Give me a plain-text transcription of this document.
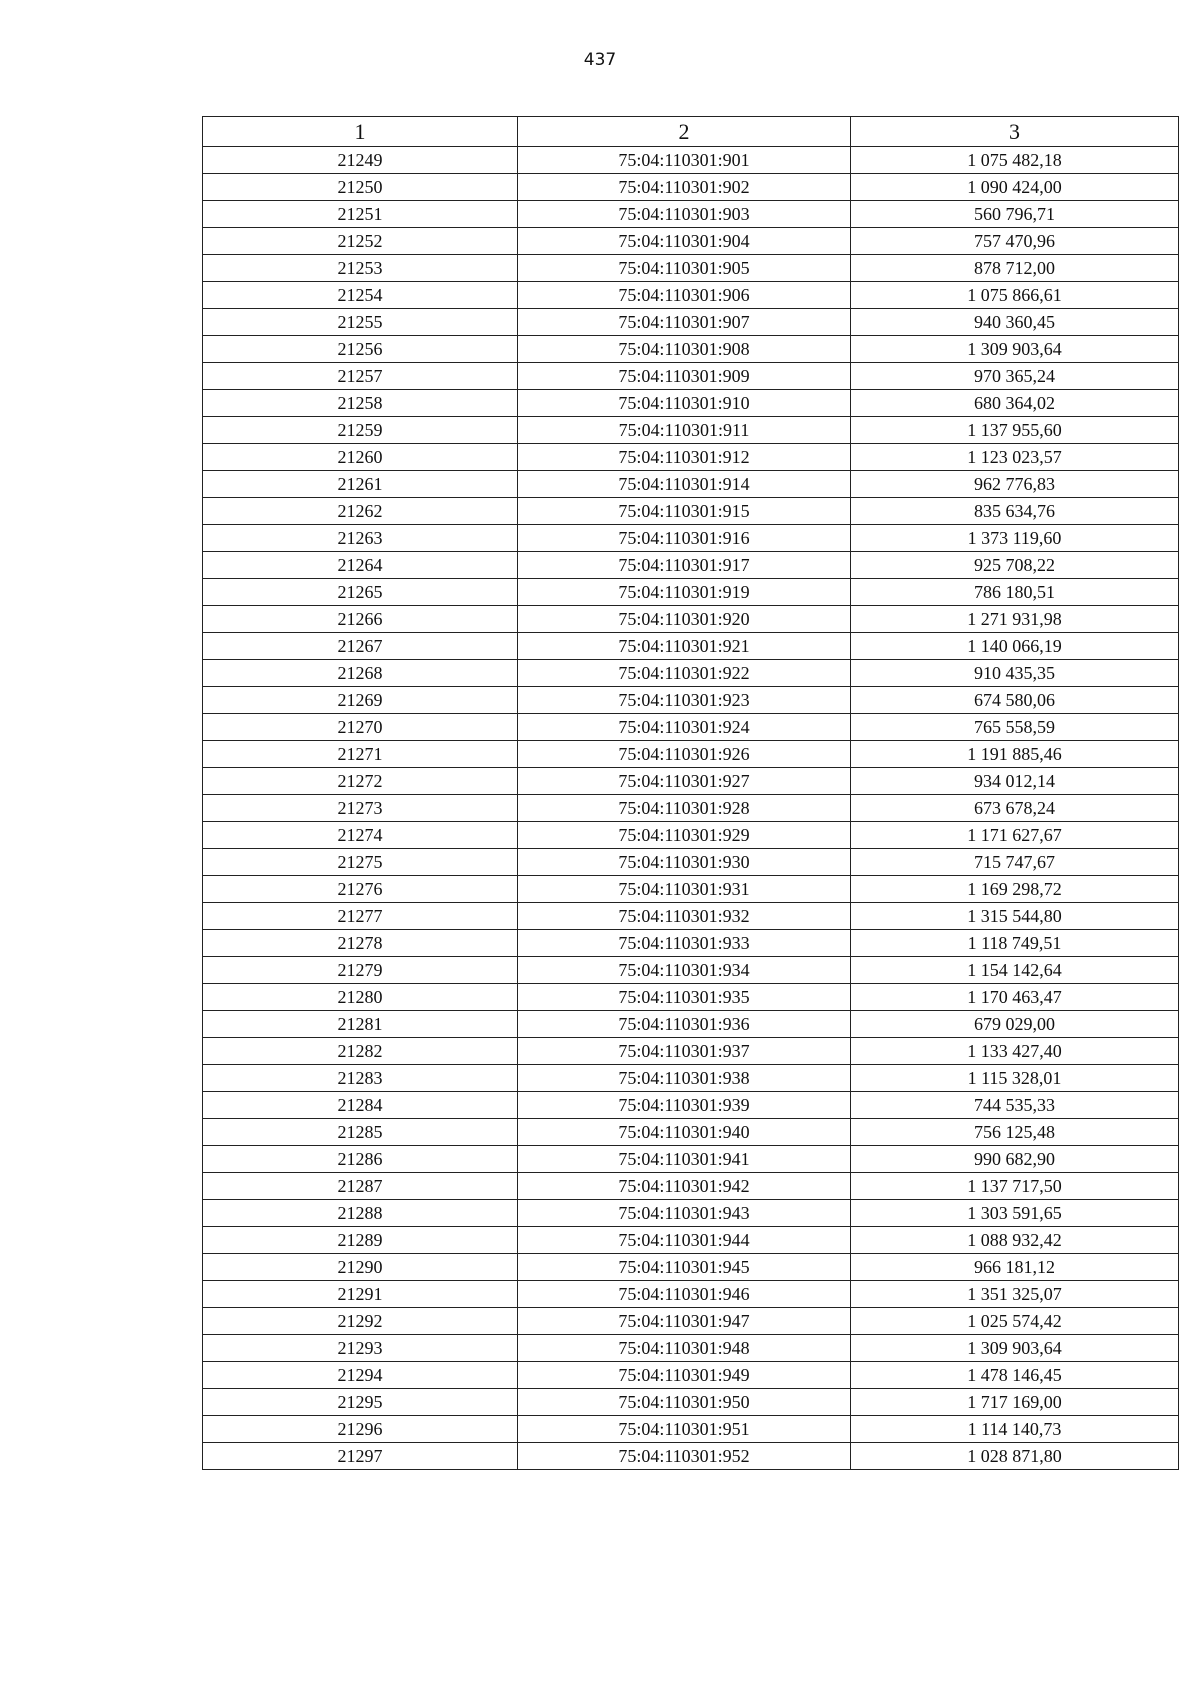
437
1	2	3
21249	75:04:110301:901	1 075 482,18
21250	75:04:110301:902	1 090 424,00
21251	75:04:110301:903	560 796,71
21252	75:04:110301:904	757 470,96
21253	75:04:110301:905	878 712,00
21254	75:04:110301:906	1 075 866,61
21255	75:04:110301:907	940 360,45
21256	75:04:110301:908	1 309 903,64
21257	75:04:110301:909	970 365,24
21258	75:04:110301:910	680 364,02
21259	75:04:110301:911	1 137 955,60
21260	75:04:110301:912	1 123 023,57
21261	75:04:110301:914	962 776,83
21262	75:04:110301:915	835 634,76
21263	75:04:110301:916	1 373 119,60
21264	75:04:110301:917	925 708,22
21265	75:04:110301:919	786 180,51
21266	75:04:110301:920	1 271 931,98
21267	75:04:110301:921	1 140 066,19
21268	75:04:110301:922	910 435,35
21269	75:04:110301:923	674 580,06
21270	75:04:110301:924	765 558,59
21271	75:04:110301:926	1 191 885,46
21272	75:04:110301:927	934 012,14
21273	75:04:110301:928	673 678,24
21274	75:04:110301:929	1 171 627,67
21275	75:04:110301:930	715 747,67
21276	75:04:110301:931	1 169 298,72
21277	75:04:110301:932	1 315 544,80
21278	75:04:110301:933	1 118 749,51
21279	75:04:110301:934	1 154 142,64
21280	75:04:110301:935	1 170 463,47
21281	75:04:110301:936	679 029,00
21282	75:04:110301:937	1 133 427,40
21283	75:04:110301:938	1 115 328,01
21284	75:04:110301:939	744 535,33
21285	75:04:110301:940	756 125,48
21286	75:04:110301:941	990 682,90
21287	75:04:110301:942	1 137 717,50
21288	75:04:110301:943	1 303 591,65
21289	75:04:110301:944	1 088 932,42
21290	75:04:110301:945	966 181,12
21291	75:04:110301:946	1 351 325,07
21292	75:04:110301:947	1 025 574,42
21293	75:04:110301:948	1 309 903,64
21294	75:04:110301:949	1 478 146,45
21295	75:04:110301:950	1 717 169,00
21296	75:04:110301:951	1 114 140,73
21297	75:04:110301:952	1 028 871,80
